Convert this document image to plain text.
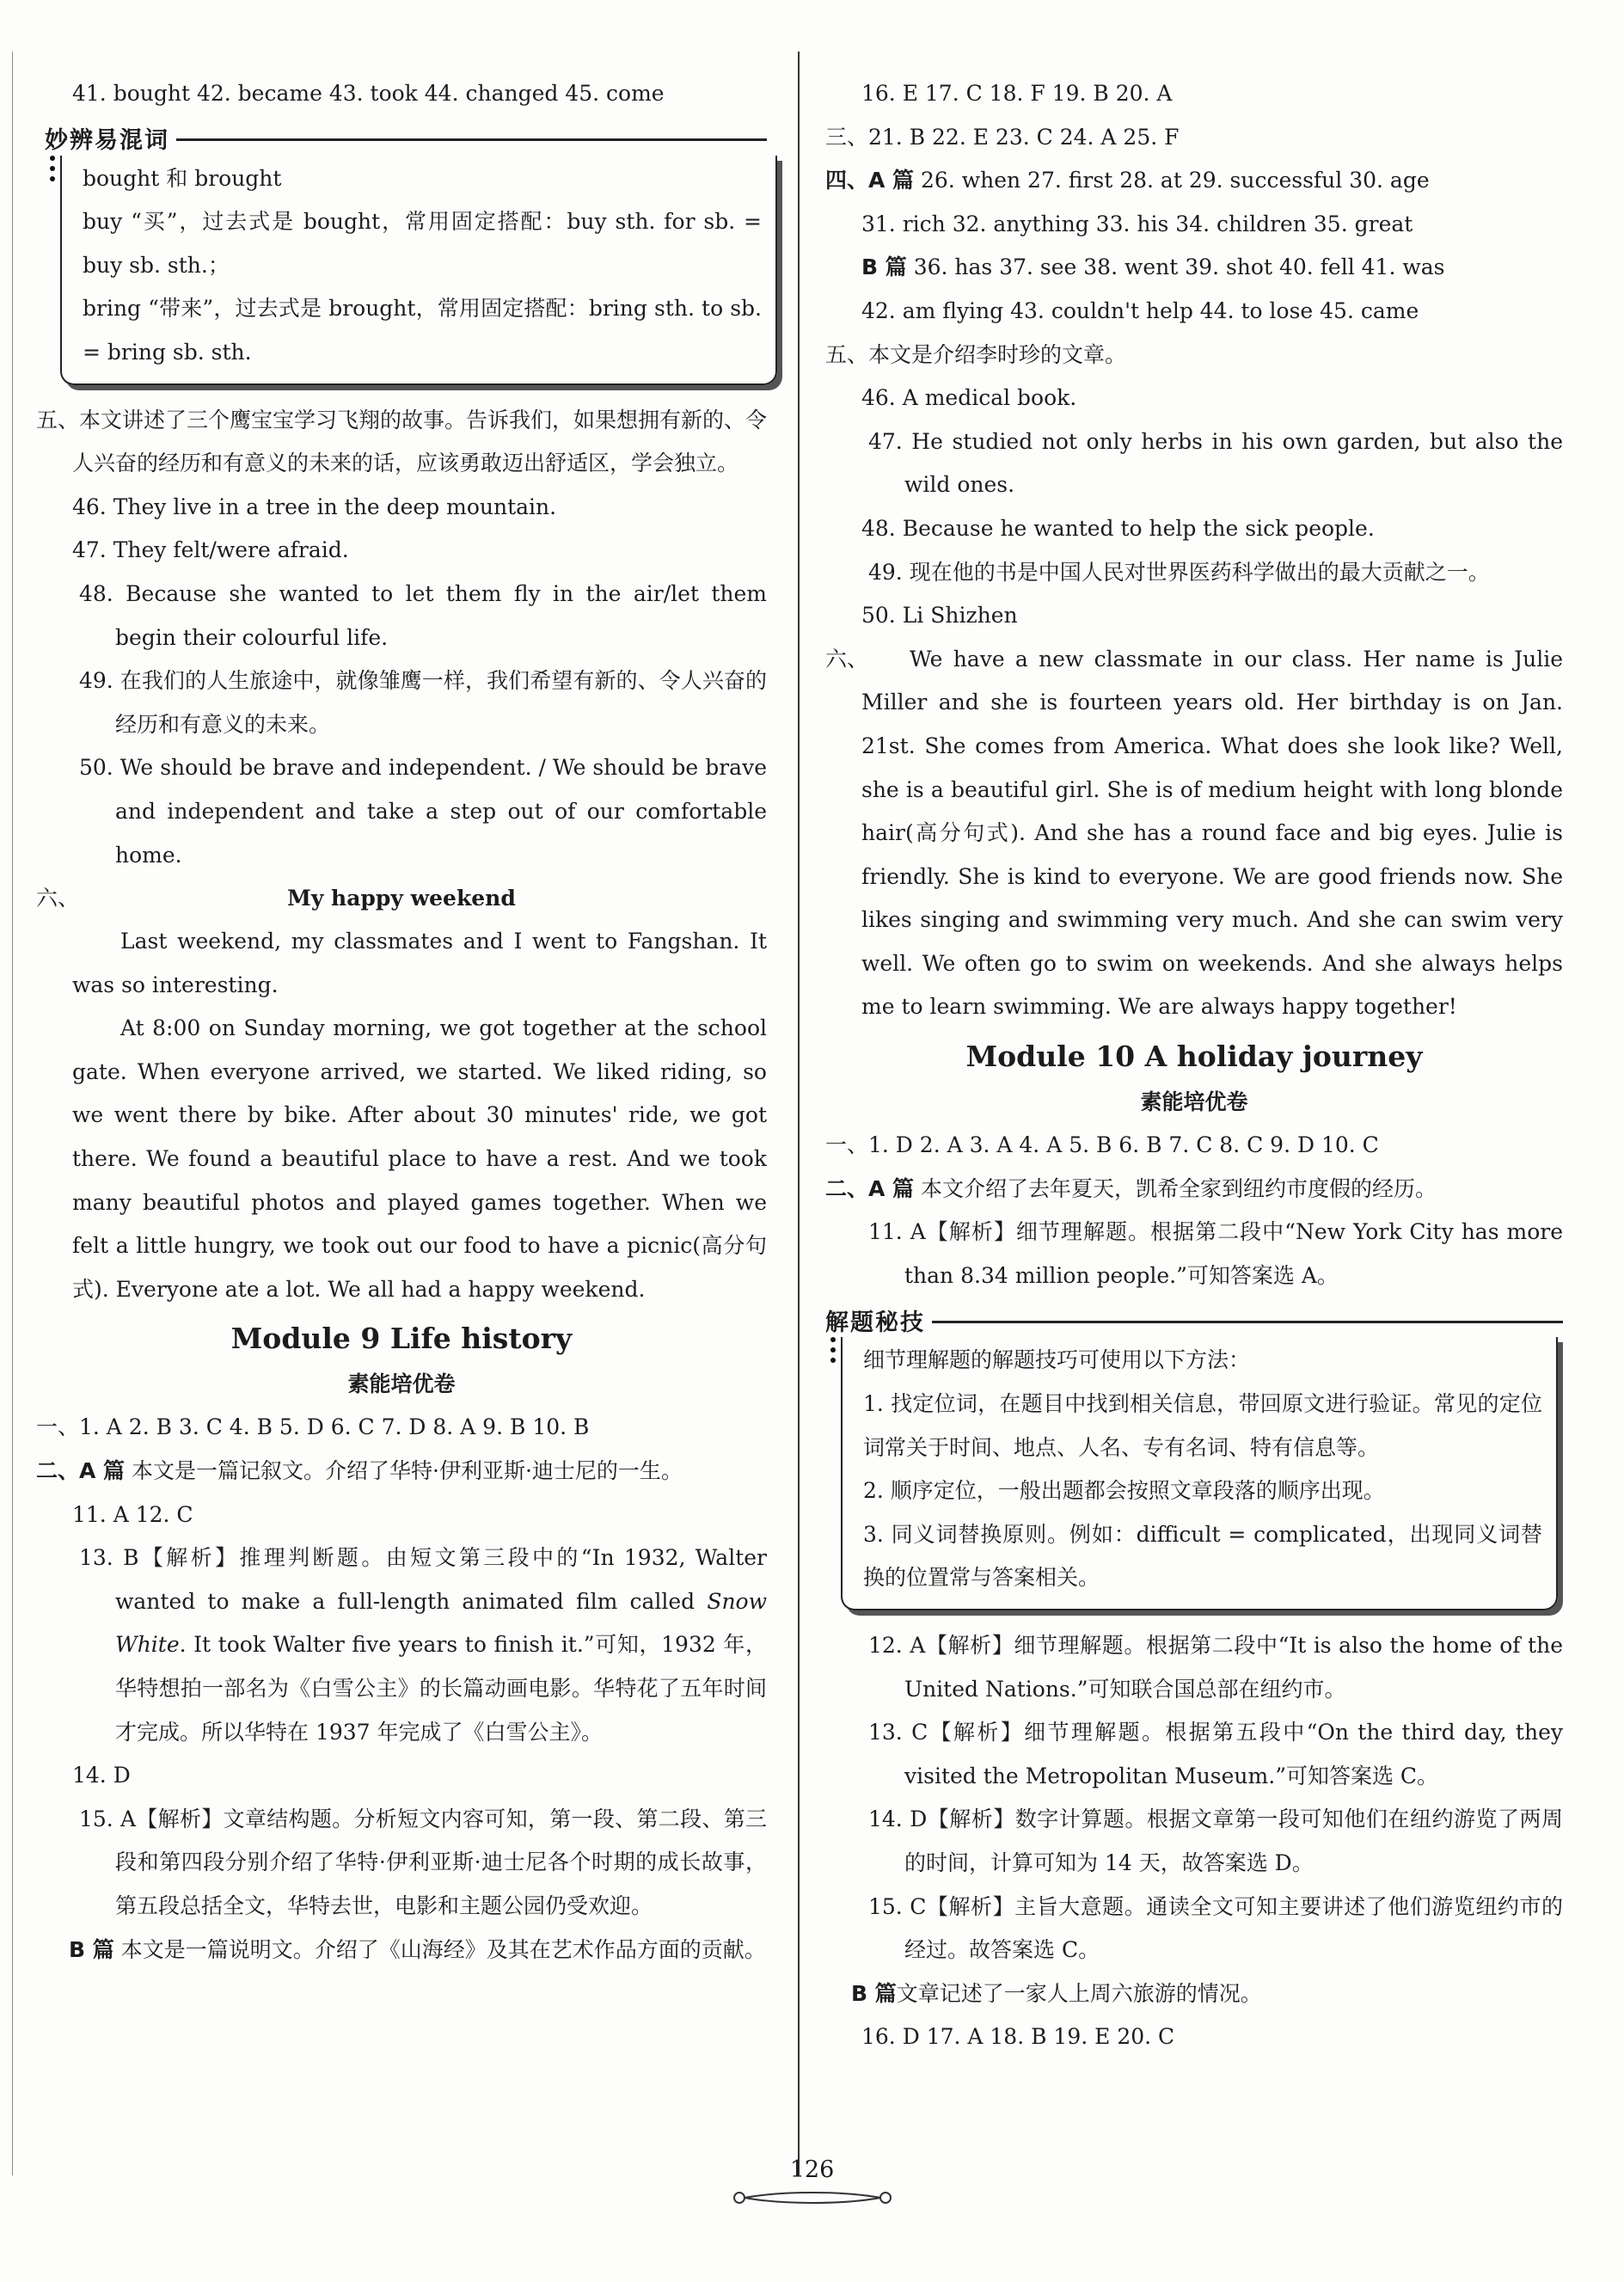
41. bought 42. became 43. took 44. changed 45. come
妙辨易混词
bought 和 brought
buy “买”，过去式是 bought，常用固定搭配：buy sth. for sb. = buy sb. sth.；
bring “带来”，过去式是 brought，常用固定搭配：bring sth. to sb. = bring sb. sth.
五、本文讲述了三个鹰宝宝学习飞翔的故事。告诉我们，如果想拥有新的、令人兴奋的经历和有意义的未来的话，应该勇敢迈出舒适区，学会独立。
46. They live in a tree in the deep mountain.
47. They felt/were afraid.
48. Because she wanted to let them fly in the air/let them begin their colourful life.
49. 在我们的人生旅途中，就像雏鹰一样，我们希望有新的、令人兴奋的经历和有意义的未来。
50. We should be brave and independent. / We should be brave and independent and take a step out of our comfortable home.
六、	My happy weekend
Last weekend, my classmates and I went to Fangshan. It was so interesting.
At 8:00 on Sunday morning, we got together at the school gate. When everyone arrived, we started. We liked riding, so we went there by bike. After about 30 minutes' ride, we got there. We found a beautiful place to have a rest. And we took many beautiful photos and played games together. When we felt a little hungry, we took out our food to have a picnic(高分句式). Everyone ate a lot. We all had a happy weekend.
Module 9 Life history
素能培优卷
一、1. A 2. B 3. C 4. B 5. D 6. C 7. D 8. A 9. B 10. B
二、A 篇 本文是一篇记叙文。介绍了华特·伊利亚斯·迪士尼的一生。
11. A 12. C
13. B【解析】推理判断题。由短文第三段中的“In 1932, Walter wanted to make a full-length animated film called Snow White. It took Walter five years to finish it.”可知，1932 年，华特想拍一部名为《白雪公主》的长篇动画电影。华特花了五年时间才完成。所以华特在 1937 年完成了《白雪公主》。
14. D
15. A【解析】文章结构题。分析短文内容可知，第一段、第二段、第三段和第四段分别介绍了华特·伊利亚斯·迪士尼各个时期的成长故事，第五段总括全文，华特去世，电影和主题公园仍受欢迎。
B 篇 本文是一篇说明文。介绍了《山海经》及其在艺术作品方面的贡献。
16. E 17. C 18. F 19. B 20. A
三、21. B 22. E 23. C 24. A 25. F
四、A 篇 26. when 27. first 28. at 29. successful 30. age
31. rich 32. anything 33. his 34. children 35. great
B 篇 36. has 37. see 38. went 39. shot 40. fell 41. was
42. am flying 43. couldn't help 44. to lose 45. came
五、本文是介绍李时珍的文章。
46. A medical book.
47. He studied not only herbs in his own garden, but also the wild ones.
48. Because he wanted to help the sick people.
49. 现在他的书是中国人民对世界医药科学做出的最大贡献之一。
50. Li Shizhen
六、	We have a new classmate in our class. Her name is Julie Miller and she is fourteen years old. Her birthday is on Jan. 21st. She comes from America. What does she look like? Well, she is a beautiful girl. She is of medium height with long blonde hair(高分句式). And she has a round face and big eyes. Julie is friendly. She is kind to everyone. We are good friends now. She likes singing and swimming very much. And she can swim very well. We often go to swim on weekends. And she always helps me to learn swimming. We are always happy together!
Module 10 A holiday journey
素能培优卷
一、1. D 2. A 3. A 4. A 5. B 6. B 7. C 8. C 9. D 10. C
二、A 篇 本文介绍了去年夏天，凯希全家到纽约市度假的经历。
11. A【解析】细节理解题。根据第二段中“New York City has more than 8.34 million people.”可知答案选 A。
解题秘技
细节理解题的解题技巧可使用以下方法：
1. 找定位词，在题目中找到相关信息，带回原文进行验证。常见的定位词常关于时间、地点、人名、专有名词、特有信息等。
2. 顺序定位，一般出题都会按照文章段落的顺序出现。
3. 同义词替换原则。例如：difficult = complicated，出现同义词替换的位置常与答案相关。
12. A【解析】细节理解题。根据第二段中“It is also the home of the United Nations.”可知联合国总部在纽约市。
13. C【解析】细节理解题。根据第五段中“On the third day, they visited the Metropolitan Museum.”可知答案选 C。
14. D【解析】数字计算题。根据文章第一段可知他们在纽约游览了两周的时间，计算可知为 14 天，故答案选 D。
15. C【解析】主旨大意题。通读全文可知主要讲述了他们游览纽约市的经过。故答案选 C。
B 篇文章记述了一家人上周六旅游的情况。
16. D 17. A 18. B 19. E 20. C
126
